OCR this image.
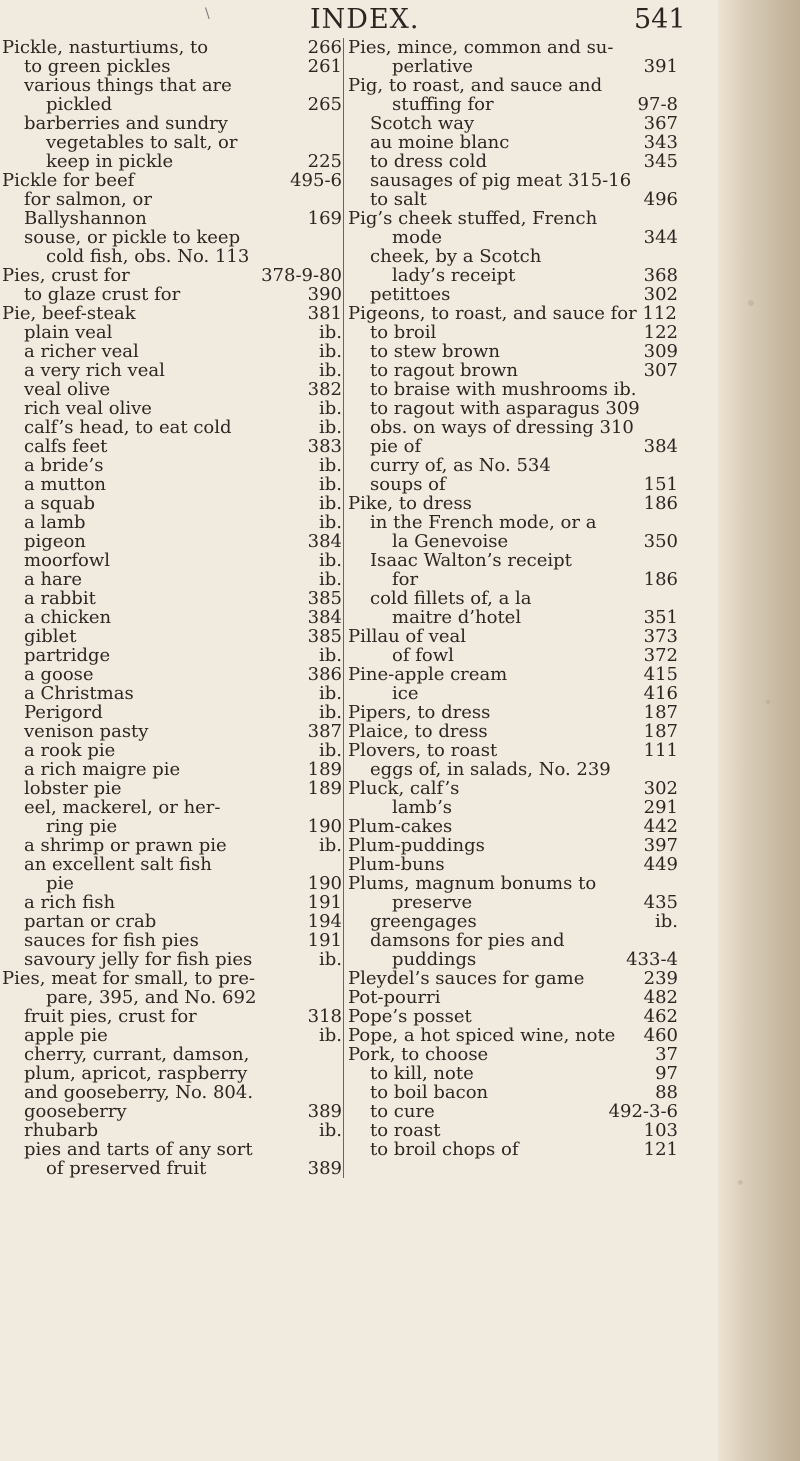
\	INDEX.	541
Pickle, nasturtiums, to	266
to green pickles	261
various things that are
pickled	265
barberries and sundry
vegetables to salt, or
keep in pickle	225
Pickle for beef	495-6
for salmon, or
Ballyshannon	169
souse, or pickle to keep
cold fish, obs. No. 113
Pies, crust for	378-9-80
to glaze crust for	390
Pie, beef-steak	381
plain veal	ib.
a richer veal	ib.
a very rich veal	ib.
veal olive	382
rich veal olive	ib.
calf’s head, to eat cold	ib.
calfs feet	383
a bride’s	ib.
a mutton	ib.
a squab	ib.
a lamb	ib.
pigeon	384
moorfowl	ib.
a hare	ib.
a rabbit	385
a chicken	384
giblet	385
partridge	ib.
a goose	386
a Christmas	ib.
Perigord	ib.
venison pasty	387
a rook pie	ib.
a rich maigre pie	189
lobster pie	189
eel, mackerel, or her-
ring pie	190
a shrimp or prawn pie	ib.
an excellent salt fish
pie	190
a rich fish	191
partan or crab	194
sauces for fish pies	191
savoury jelly for fish pies	ib.
Pies, meat for small, to pre-
pare, 395, and No. 692
fruit pies, crust for	318
apple pie	ib.
cherry, currant, damson,
plum, apricot, raspberry
and gooseberry, No. 804.
gooseberry	389
rhubarb	ib.
pies and tarts of any sort
of preserved fruit	389
Pies, mince, common and su-
perlative	391
Pig, to roast, and sauce and
stuffing for	97-8
Scotch way	367
au moine blanc	343
to dress cold	345
sausages of pig meat 315-16
to salt	496
Pig’s cheek stuffed, French
mode	344
cheek, by a Scotch
lady’s receipt	368
petittoes	302
Pigeons, to roast, and sauce for 112
to broil	122
to stew brown	309
to ragout brown	307
to braise with mushrooms ib.
to ragout with asparagus 309
obs. on ways of dressing 310
pie of	384
curry of, as No. 534
soups of	151
Pike, to dress	186
in the French mode, or a
la Genevoise	350
Isaac Walton’s receipt
for	186
cold fillets of, a la
maitre d’hotel	351
Pillau of veal	373
of fowl	372
Pine-apple cream	415
ice	416
Pipers, to dress	187
Plaice, to dress	187
Plovers, to roast	111
eggs of, in salads, No. 239
Pluck, calf’s	302
lamb’s	291
Plum-cakes	442
Plum-puddings	397
Plum-buns	449
Plums, magnum bonums to
preserve	435
greengages	ib.
damsons for pies and
puddings	433-4
Pleydel’s sauces for game	239
Pot-pourri	482
Pope’s posset	462
Pope, a hot spiced wine, note 460
Pork, to choose	37
to kill, note	97
to boil bacon	88
to cure	492-3-6
to roast	103
to broil chops of	121
